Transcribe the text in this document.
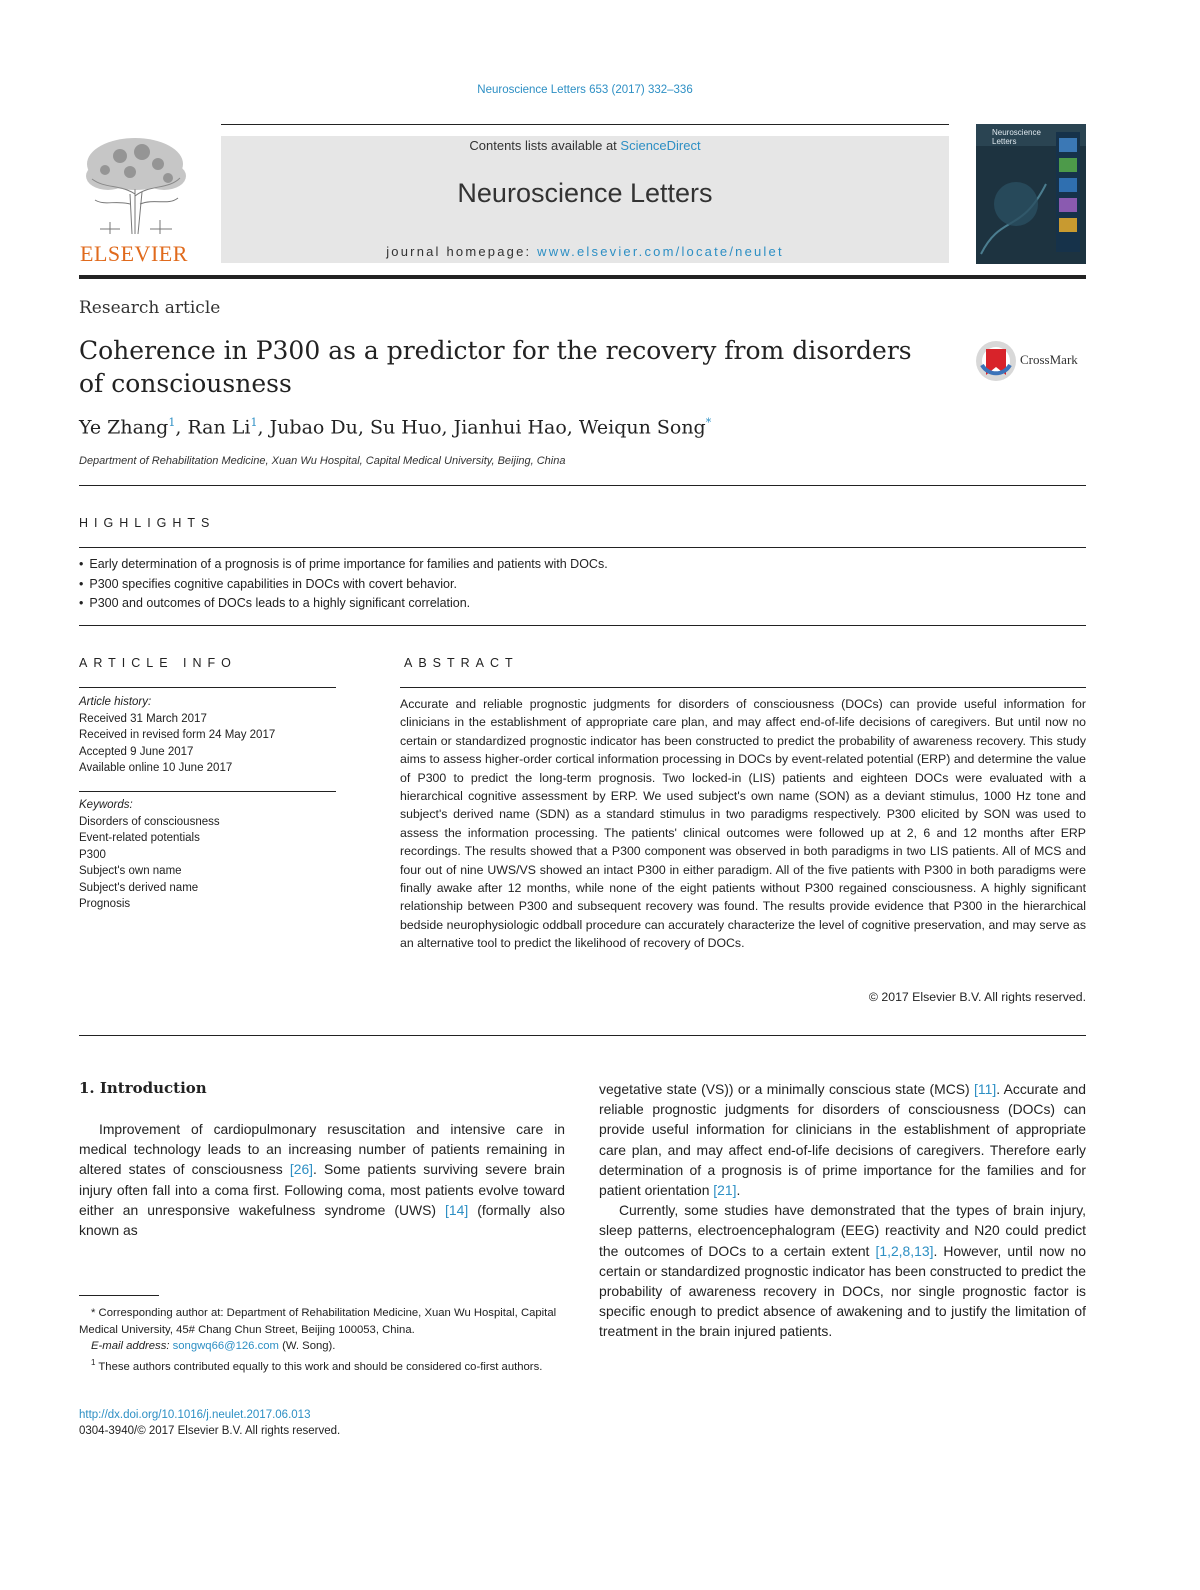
Neuroscience Letters 653 (2017) 332–336
ELSEVIER
Contents lists available at ScienceDirect
Neuroscience Letters
journal homepage: www.elsevier.com/locate/neulet
Neuroscience Letters
Research article
Coherence in P300 as a predictor for the recovery from disorders of consciousness
CrossMark
Ye Zhang$^1$, Ran Li$^1$, Jubao Du, Su Huo, Jianhui Hao, Weiqun Song*
Department of Rehabilitation Medicine, Xuan Wu Hospital, Capital Medical University, Beijing, China
HIGHLIGHTS
• Early determination of a prognosis is of prime importance for families and patients with DOCs.
• P300 specifies cognitive capabilities in DOCs with covert behavior.
• P300 and outcomes of DOCs leads to a highly significant correlation.
ARTICLE INFO
Article history:
Received 31 March 2017
Received in revised form 24 May 2017
Accepted 9 June 2017
Available online 10 June 2017
Keywords:
Disorders of consciousness
Event-related potentials
P300
Subject's own name
Subject's derived name
Prognosis
ABSTRACT
Accurate and reliable prognostic judgments for disorders of consciousness (DOCs) can provide useful information for clinicians in the establishment of appropriate care plan, and may affect end-of-life decisions of caregivers. But until now no certain or standardized prognostic indicator has been constructed to predict the probability of awareness recovery. This study aims to assess higher-order cortical information processing in DOCs by event-related potential (ERP) and determine the value of P300 to predict the long-term prognosis. Two locked-in (LIS) patients and eighteen DOCs were evaluated with a hierarchical cognitive assessment by ERP. We used subject's own name (SON) as a deviant stimulus, 1000 Hz tone and subject's derived name (SDN) as a standard stimulus in two paradigms respectively. P300 elicited by SON was used to assess the information processing. The patients' clinical outcomes were followed up at 2, 6 and 12 months after ERP recordings. The results showed that a P300 component was observed in both paradigms in two LIS patients. All of MCS and four out of nine UWS/VS showed an intact P300 in either paradigm. All of the five patients with P300 in both paradigms were finally awake after 12 months, while none of the eight patients without P300 regained consciousness. A highly significant relationship between P300 and subsequent recovery was found. The results provide evidence that P300 in the hierarchical bedside neurophysiologic oddball procedure can accurately characterize the level of cognitive preservation, and may serve as an alternative tool to predict the likelihood of recovery of DOCs.
© 2017 Elsevier B.V. All rights reserved.
1. Introduction

Improvement of cardiopulmonary resuscitation and intensive care in medical technology leads to an increasing number of patients remaining in altered states of consciousness [26]. Some patients surviving severe brain injury often fall into a coma first. Following coma, most patients evolve toward either an unresponsive wakefulness syndrome (UWS) [14] (formally also known as

vegetative state (VS)) or a minimally conscious state (MCS) [11]. Accurate and reliable prognostic judgments for disorders of consciousness (DOCs) can provide useful information for clinicians in the establishment of appropriate care plan, and may affect end-of-life decisions of caregivers. Therefore early determination of a prognosis is of prime importance for the families and for patient orientation [21].

Currently, some studies have demonstrated that the types of brain injury, sleep patterns, electroencephalogram (EEG) reactivity and N20 could predict the outcomes of DOCs to a certain extent [1,2,8,13]. However, until now no certain or standardized prognostic indicator has been constructed to predict the probability of awareness recovery in DOCs, nor single prognostic factor is specific enough to predict absence of awakening and to justify the limitation of treatment in the brain injured patients.

* Corresponding author at: Department of Rehabilitation Medicine, Xuan Wu Hospital, Capital Medical University, 45# Chang Chun Street, Beijing 100053, China.
E-mail address: songwq66@126.com (W. Song).
$^1$ These authors contributed equally to this work and should be considered co-first authors.
http://dx.doi.org/10.1016/j.neulet.2017.06.013
0304-3940/© 2017 Elsevier B.V. All rights reserved.
